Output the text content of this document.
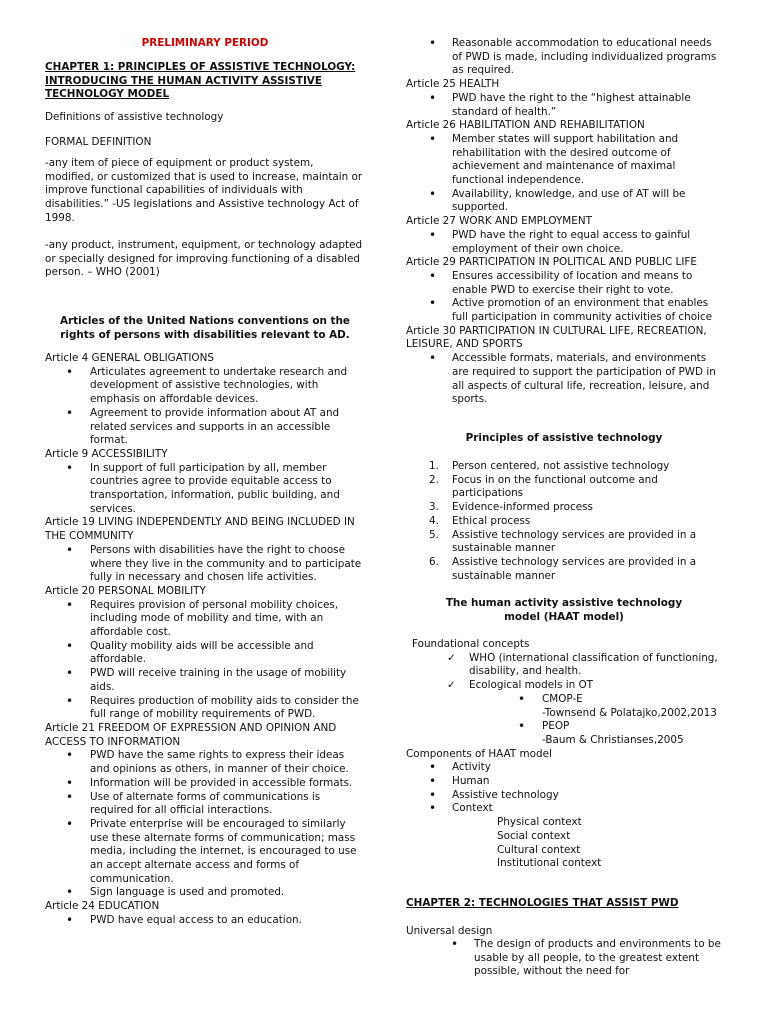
PRELIMINARY PERIOD

CHAPTER 1: PRINCIPLES OF ASSISTIVE TECHNOLOGY: INTRODUCING THE HUMAN ACTIVITY ASSISTIVE TECHNOLOGY MODEL

Definitions of assistive technology

FORMAL DEFINITION

-any item of piece of equipment or product system, modified, or customized that is used to increase, maintain or improve functional capabilities of individuals with disabilities.” -US legislations and Assistive technology Act of 1998.

-any product, instrument, equipment, or technology adapted or specially designed for improving functioning of a disabled person. – WHO (2001)

Articles of the United Nations conventions on the rights of persons with disabilities relevant to AD.

Article 4 GENERAL OBLIGATIONS

• Articulates agreement to undertake research and development of assistive technologies, with emphasis on affordable devices.
• Agreement to provide information about AT and related services and supports in an accessible format.

Article 9 ACCESSIBILITY

• In support of full participation by all, member countries agree to provide equitable access to transportation, information, public building, and services.

Article 19 LIVING INDEPENDENTLY AND BEING INCLUDED IN THE COMMUNITY

• Persons with disabilities have the right to choose where they live in the community and to participate fully in necessary and chosen life activities.

Article 20 PERSONAL MOBILITY

• Requires provision of personal mobility choices, including mode of mobility and time, with an affordable cost.
• Quality mobility aids will be accessible and affordable.
• PWD will receive training in the usage of mobility aids.
• Requires production of mobility aids to consider the full range of mobility requirements of PWD.

Article 21 FREEDOM OF EXPRESSION AND OPINION AND ACCESS TO INFORMATION

• PWD have the same rights to express their ideas and opinions as others, in manner of their choice.
• Information will be provided in accessible formats.
• Use of alternate forms of communications is required for all official interactions.
• Private enterprise will be encouraged to similarly use these alternate forms of communication; mass media, including the internet, is encouraged to use an accept alternate access and forms of communication.
• Sign language is used and promoted.

Article 24 EDUCATION

• PWD have equal access to an education.
• Reasonable accommodation to educational needs of PWD is made, including individualized programs as required.

Article 25 HEALTH

• PWD have the right to the “highest attainable standard of health.”

Article 26 HABILITATION AND REHABILITATION

• Member states will support habilitation and rehabilitation with the desired outcome of achievement and maintenance of maximal functional independence.
• Availability, knowledge, and use of AT will be supported.

Article 27 WORK AND EMPLOYMENT

• PWD have the right to equal access to gainful employment of their own choice.

Article 29 PARTICIPATION IN POLITICAL AND PUBLIC LIFE

• Ensures accessibility of location and means to enable PWD to exercise their right to vote.
• Active promotion of an environment that enables full participation in community activities of choice

Article 30 PARTICIPATION IN CULTURAL LIFE, RECREATION, LEISURE, AND SPORTS

• Accessible formats, materials, and environments are required to support the participation of PWD in all aspects of cultural life, recreation, leisure, and sports.

Principles of assistive technology

1. Person centered, not assistive technology
2. Focus in on the functional outcome and participations
3. Evidence-informed process
4. Ethical process
5. Assistive technology services are provided in a sustainable manner
6. Assistive technology services are provided in a sustainable manner

The human activity assistive technology model (HAAT model)

Foundational concepts

✓ WHO (international classification of functioning, disability, and health.
✓ Ecological models in OT
• CMOP-E
-Townsend & Polatajko,2002,2013
• PEOP
-Baum & Christianses,2005

Components of HAAT model

• Activity
• Human
• Assistive technology
• Context

Physical context

Social context

Cultural context

Institutional context

CHAPTER 2: TECHNOLOGIES THAT ASSIST PWD

Universal design

• The design of products and environments to be usable by all people, to the greatest extent possible, without the need for
